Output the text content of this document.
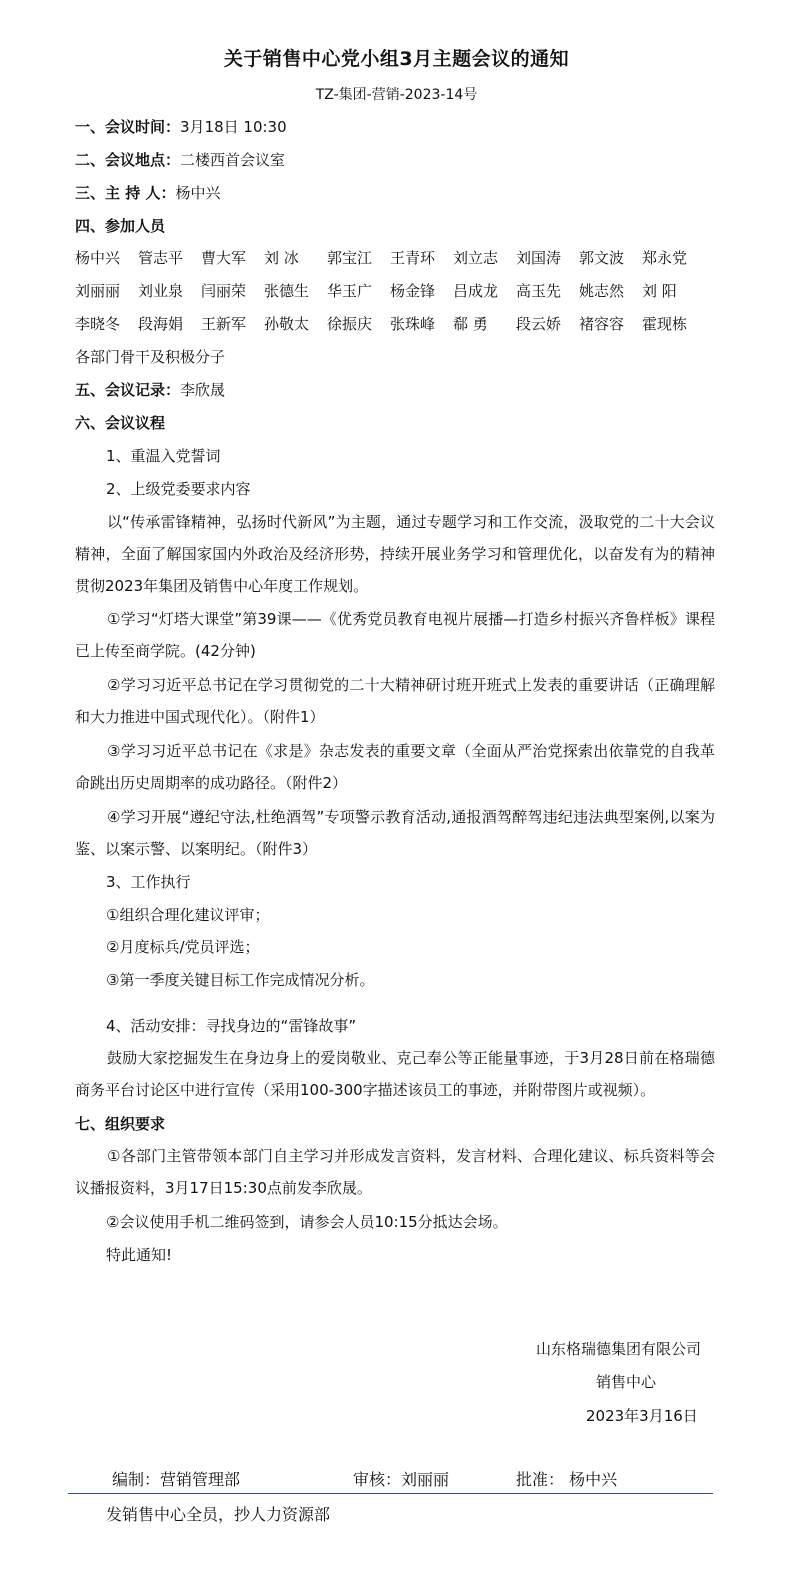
关于销售中心党小组3月主题会议的通知
TZ-集团-营销-2023-14号
一、会议时间：3月18日 10:30
二、会议地点：二楼西首会议室
三、主 持 人：杨中兴
四、参加人员
杨中兴 管志平 曹大军 刘 冰 郭宝江 王青环 刘立志 刘国涛 郭文波 郑永党
刘丽丽 刘业泉 闫丽荣 张德生 华玉广 杨金锋 吕成龙 高玉先 姚志然 刘 阳
李晓冬 段海娟 王新军 孙敬太 徐振庆 张珠峰 郗 勇 段云娇 褚容容 霍现栋
各部门骨干及积极分子
五、会议记录：李欣晟
六、会议议程
1、重温入党誓词
2、上级党委要求内容
以“传承雷锋精神，弘扬时代新风”为主题，通过专题学习和工作交流，汲取党的二十大会议精神，全面了解国家国内外政治及经济形势，持续开展业务学习和管理优化，以奋发有为的精神贯彻2023年集团及销售中心年度工作规划。
①学习“灯塔大课堂”第39课——《优秀党员教育电视片展播—打造乡村振兴齐鲁样板》课程已上传至商学院。(42分钟)
②学习习近平总书记在学习贯彻党的二十大精神研讨班开班式上发表的重要讲话（正确理解和大力推进中国式现代化）。（附件1）
③学习习近平总书记在《求是》杂志发表的重要文章（全面从严治党探索出依靠党的自我革命跳出历史周期率的成功路径。（附件2）
④学习开展“遵纪守法,杜绝酒驾”专项警示教育活动,通报酒驾醉驾违纪违法典型案例,以案为鉴、以案示警、以案明纪。（附件3）
3、工作执行
①组织合理化建议评审；
②月度标兵/党员评选；
③第一季度关键目标工作完成情况分析。
4、活动安排：寻找身边的“雷锋故事”
鼓励大家挖掘发生在身边身上的爱岗敬业、克己奉公等正能量事迹，于3月28日前在格瑞德商务平台讨论区中进行宣传（采用100-300字描述该员工的事迹，并附带图片或视频）。
七、组织要求
①各部门主管带领本部门自主学习并形成发言资料，发言材料、合理化建议、标兵资料等会议播报资料，3月17日15:30点前发李欣晟。
②会议使用手机二维码签到，请参会人员10:15分抵达会场。
特此通知!
山东格瑞德集团有限公司
销售中心
2023年3月16日
编制：营销管理部	审核：刘丽丽	批准： 杨中兴
发销售中心全员，抄人力资源部
